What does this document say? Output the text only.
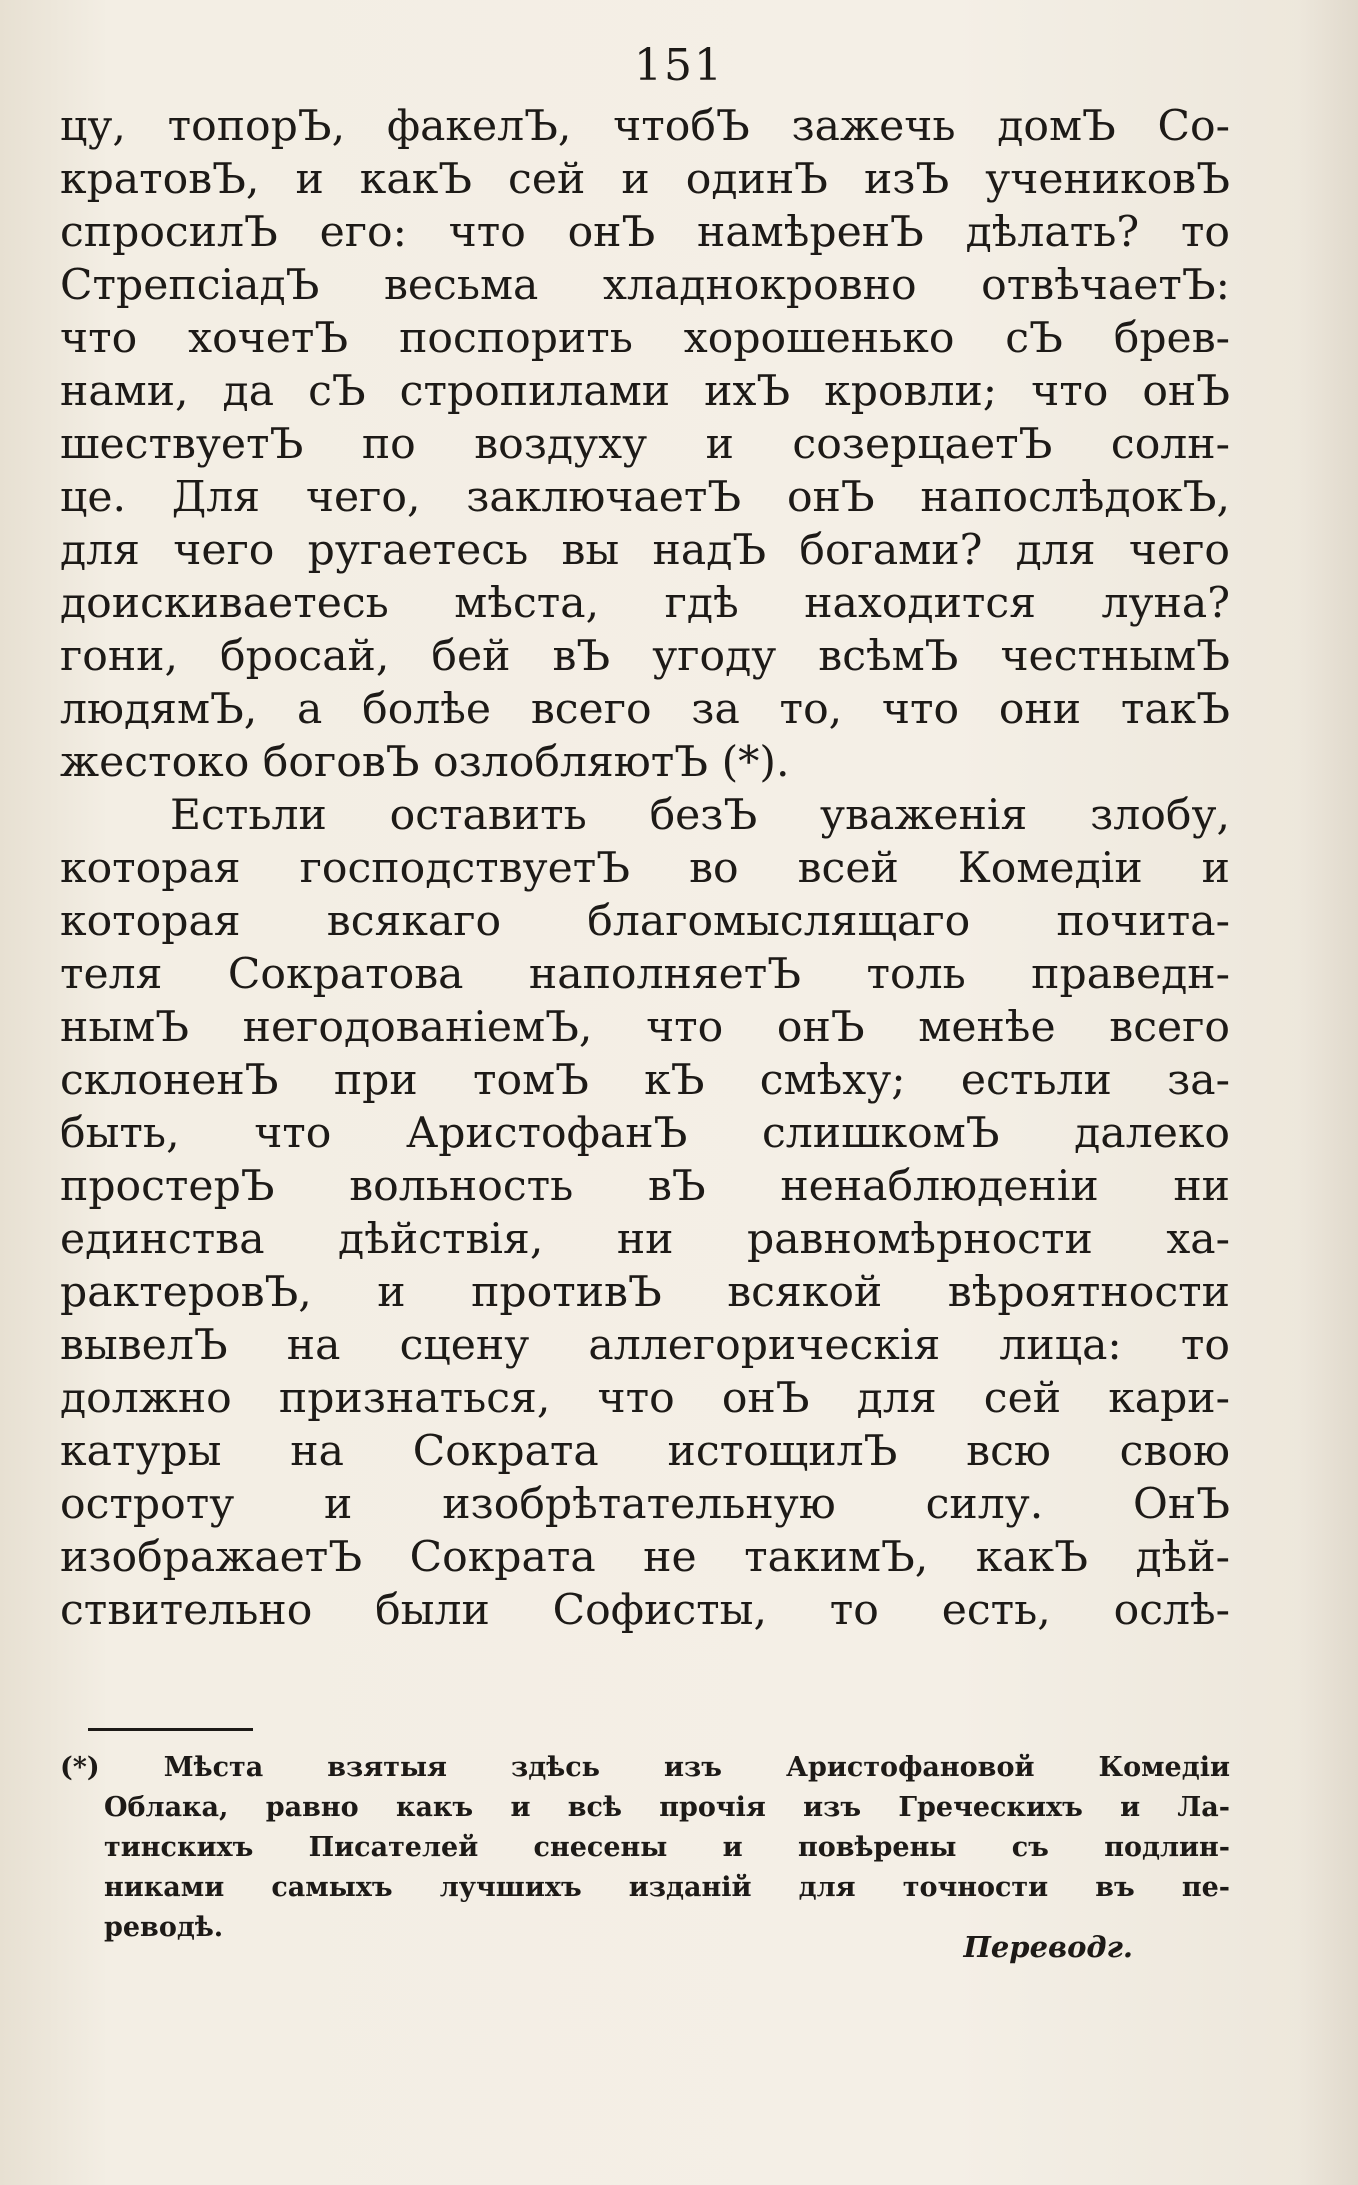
151
цу, топорЪ, факелЪ, чтобЪ зажечь домЪ Со-
кратовЪ, и какЪ сей и одинЪ изЪ учениковЪ
спросилЪ его: что онЪ намѣренЪ дѣлать? то
СтрепсіадЪ весьма хладнокровно отвѣчаетЪ:
что хочетЪ поспорить хорошенько сЪ брев-
нами, да сЪ стропилами ихЪ кровли; что онЪ
шествуетЪ по воздуху и созерцаетЪ солн-
це. Для чего, заключаетЪ онЪ напослѣдокЪ,
для чего ругаетесь вы надЪ богами? для чего
доискиваетесь мѣста, гдѣ находится луна?
гони, бросай, бей вЪ угоду всѣмЪ честнымЪ
людямЪ, а болѣе всего за то, что они такЪ
жестоко боговЪ озлобляютЪ (*).
Естьли оставить безЪ уваженія злобу,
которая господствуетЪ во всей Комедіи и
которая всякаго благомыслящаго почита-
теля Сократова наполняетЪ толь праведн-
нымЪ негодованіемЪ, что онЪ менѣе всего
склоненЪ при томЪ кЪ смѣху; естьли за-
быть, что АристофанЪ слишкомЪ далеко
простерЪ вольность вЪ ненаблюденіи ни
единства дѣйствія, ни равномѣрности ха-
рактеровЪ, и противЪ всякой вѣроятности
вывелЪ на сцену аллегорическія лица: то
должно признаться, что онЪ для сей кари-
катуры на Сократа истощилЪ всю свою
остроту и изобрѣтательную силу. ОнЪ
изображаетЪ Сократа не такимЪ, какЪ дѣй-
ствительно были Софисты, то есть, ослѣ-
(*) Мѣста взятыя здѣсь изъ Аристофановой Комедіи
Облака, равно какъ и всѣ прочія изъ Греческихъ и Ла-
тинскихъ Писателей снесены и повѣрены съ подлин-
никами самыхъ лучшихъ изданій для точности въ пе-
реводѣ.
Переводг.
